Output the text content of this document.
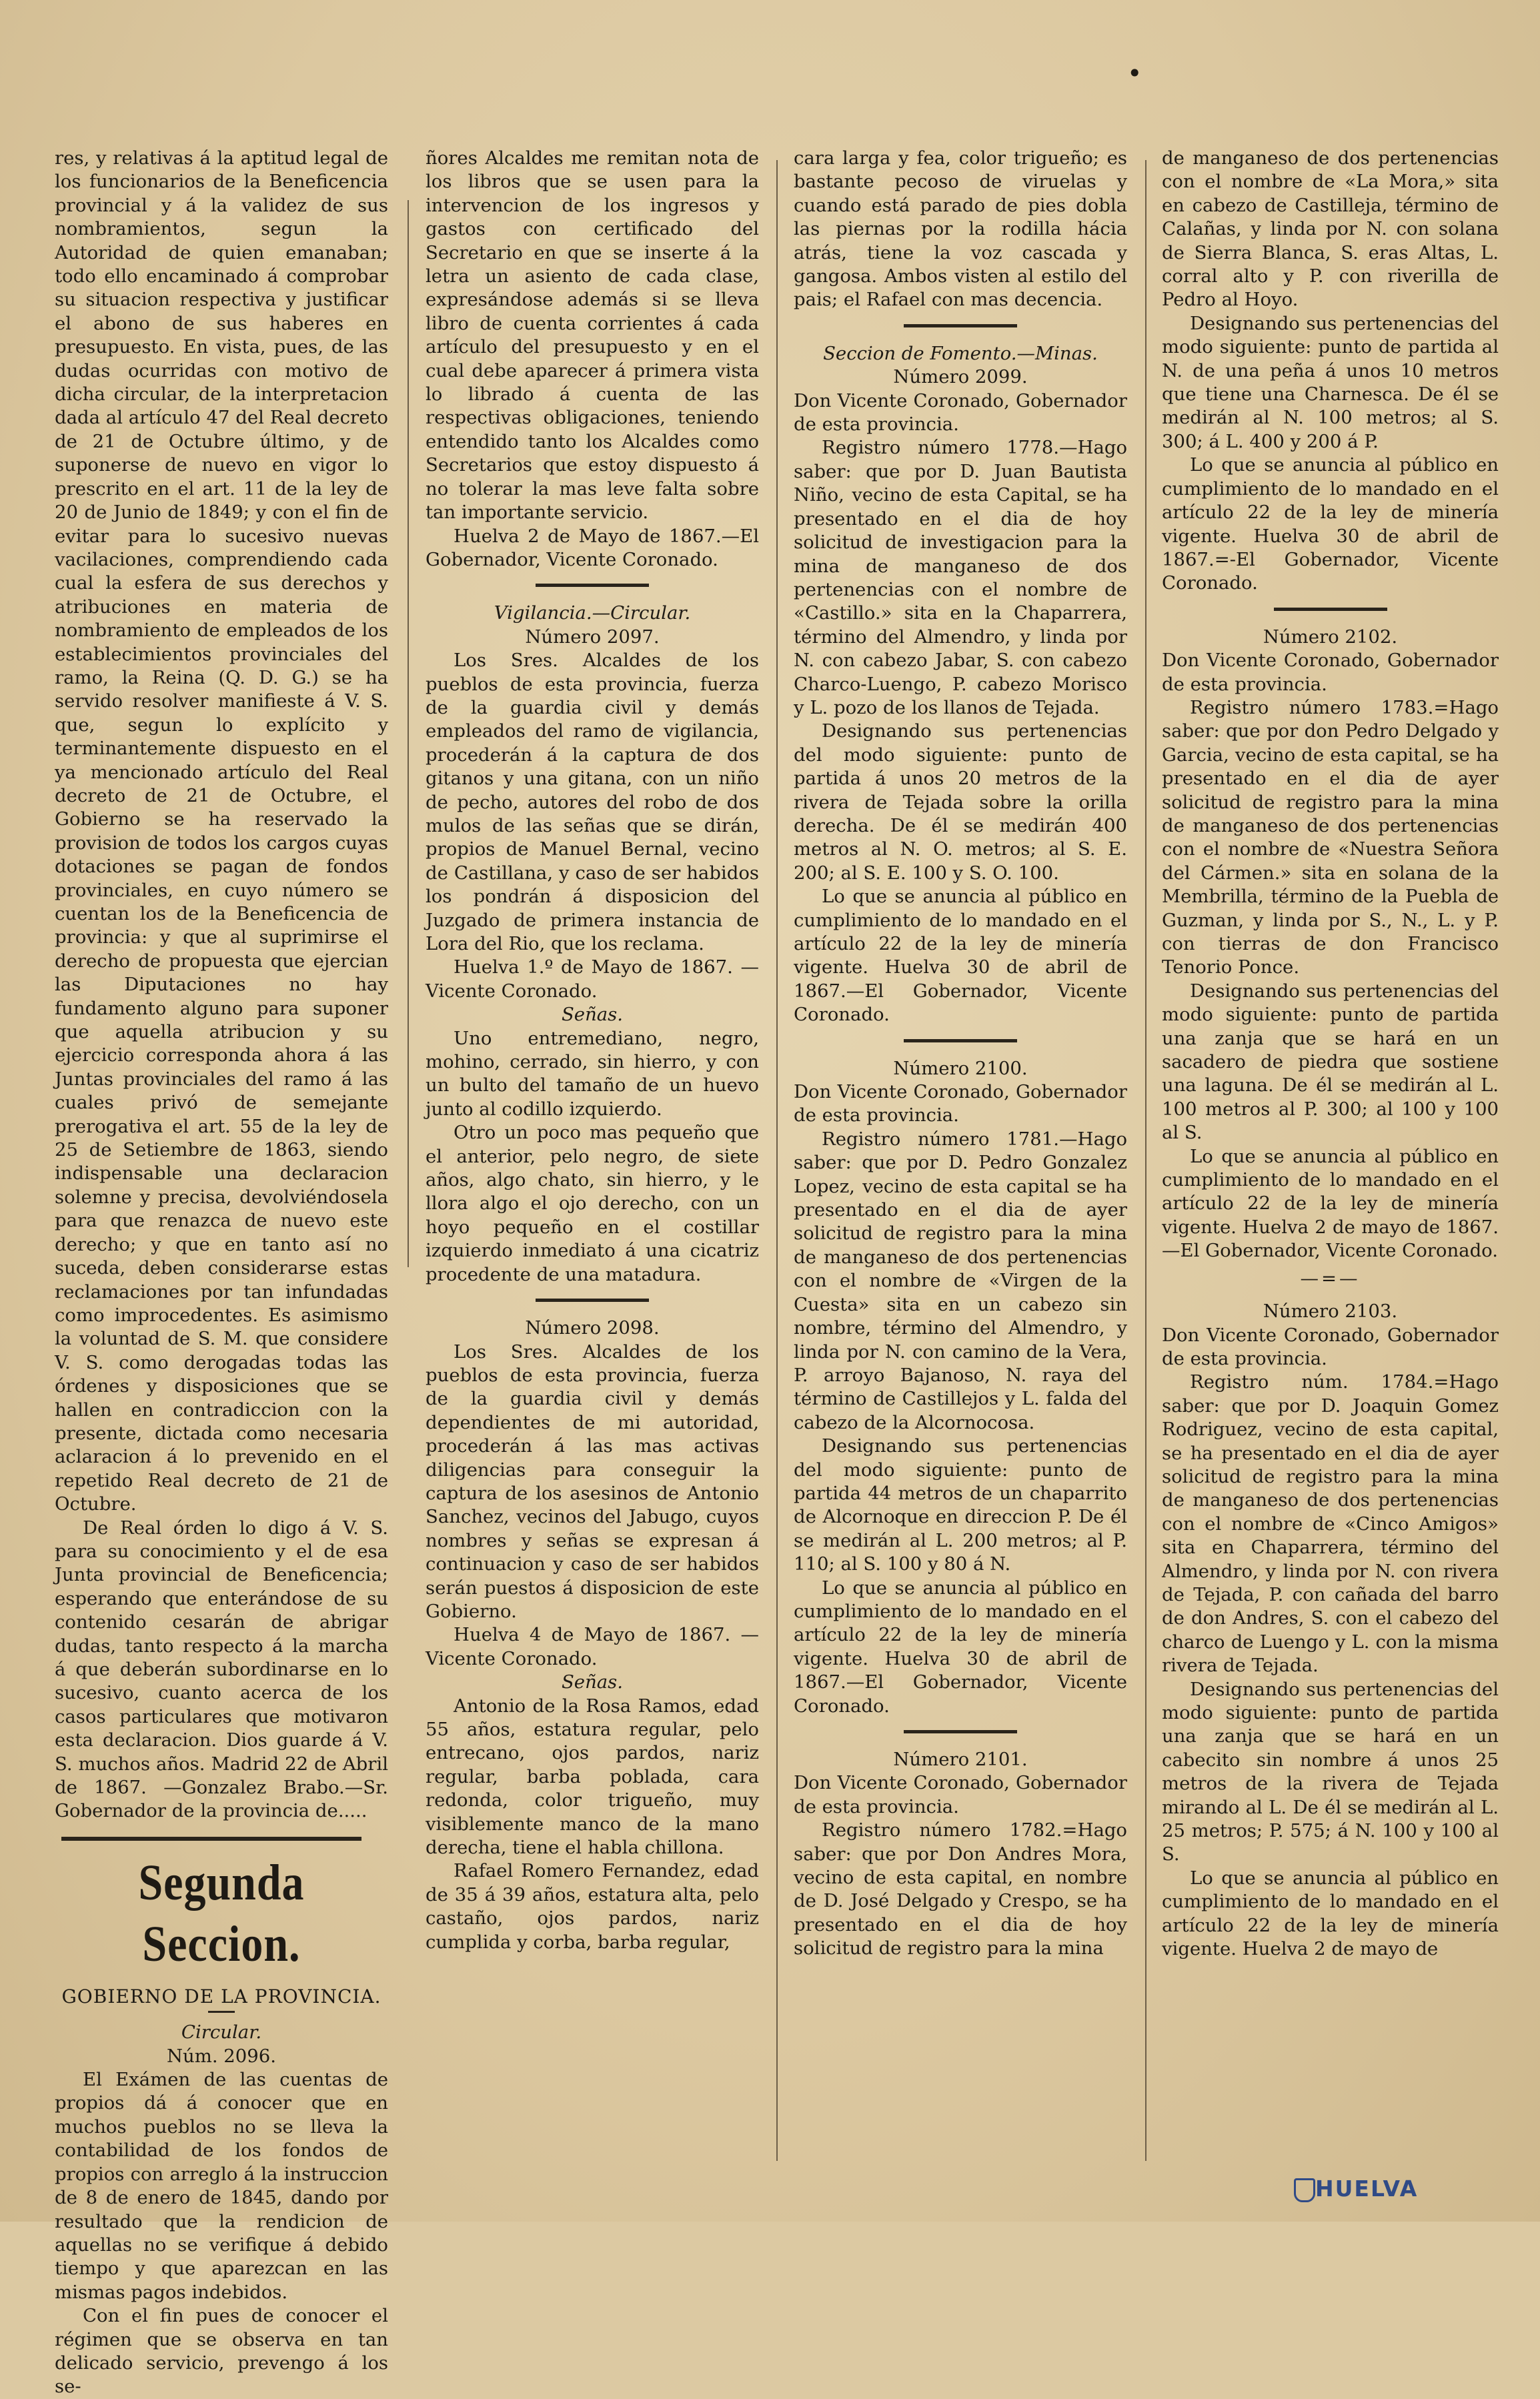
•

res, y relativas á la aptitud legal de los funcionarios de la Beneficencia provincial y á la validez de sus nombramientos, segun la Autoridad de quien emanaban; todo ello encaminado á comprobar su situacion respectiva y justificar el abono de sus haberes en presupuesto. En vista, pues, de las dudas ocurridas con motivo de dicha circular, de la interpretacion dada al artículo 47 del Real decreto de 21 de Octubre último, y de suponerse de nuevo en vigor lo prescrito en el art. 11 de la ley de 20 de Junio de 1849; y con el fin de evitar para lo sucesivo nuevas vacilaciones, comprendiendo cada cual la esfera de sus derechos y atribuciones en materia de nombramiento de empleados de los establecimientos provinciales del ramo, la Reina (Q. D. G.) se ha servido resolver manifieste á V. S. que, segun lo explícito y terminantemente dispuesto en el ya mencionado artículo del Real decreto de 21 de Octubre, el Gobierno se ha reservado la provision de todos los cargos cuyas dotaciones se pagan de fondos provinciales, en cuyo número se cuentan los de la Beneficencia de provincia: y que al suprimirse el derecho de propuesta que ejercian las Diputaciones no hay fundamento alguno para suponer que aquella atribucion y su ejercicio corresponda ahora á las Juntas provinciales del ramo á las cuales privó de semejante prerogativa el art. 55 de la ley de 25 de Setiembre de 1863, siendo indispensable una declaracion solemne y precisa, devolviéndosela para que renazca de nuevo este derecho; y que en tanto así no suceda, deben considerarse estas reclamaciones por tan infundadas como improcedentes. Es asimismo la voluntad de S. M. que considere V. S. como derogadas todas las órdenes y disposiciones que se hallen en contradiccion con la presente, dictada como necesaria aclaracion á lo prevenido en el repetido Real decreto de 21 de Octubre.

De Real órden lo digo á V. S. para su conocimiento y el de esa Junta provincial de Beneficencia; esperando que enterándose de su contenido cesarán de abrigar dudas, tanto respecto á la marcha á que deberán subordinarse en lo sucesivo, cuanto acerca de los casos particulares que motivaron esta declaracion. Dios guarde á V. S. muchos años. Madrid 22 de Abril de 1867. —Gonzalez Brabo.—Sr. Gobernador de la provincia de.....

Segunda Seccion.
GOBIERNO DE LA PROVINCIA.

Circular.

Núm. 2096.

El Exámen de las cuentas de propios dá á conocer que en muchos pueblos no se lleva la contabilidad de los fondos de propios con arreglo á la instruccion de 8 de enero de 1845, dando por resultado que la rendicion de aquellas no se verifique á debido tiempo y que aparezcan en las mismas pagos indebidos.

Con el fin pues de conocer el régimen que se observa en tan delicado servicio, prevengo á los se-

ñores Alcaldes me remitan nota de los libros que se usen para la intervencion de los ingresos y gastos con certificado del Secretario en que se inserte á la letra un asiento de cada clase, expresándose además si se lleva libro de cuenta corrientes á cada artículo del presupuesto y en el cual debe aparecer á primera vista lo librado á cuenta de las respectivas obligaciones, teniendo entendido tanto los Alcaldes como Secretarios que estoy dispuesto á no tolerar la mas leve falta sobre tan importante servicio.

Huelva 2 de Mayo de 1867.—El Gobernador, Vicente Coronado.

Vigilancia.—Circular.

Número 2097.

Los Sres. Alcaldes de los pueblos de esta provincia, fuerza de la guardia civil y demás empleados del ramo de vigilancia, procederán á la captura de dos gitanos y una gitana, con un niño de pecho, autores del robo de dos mulos de las señas que se dirán, propios de Manuel Bernal, vecino de Castillana, y caso de ser habidos los pondrán á disposicion del Juzgado de primera instancia de Lora del Rio, que los reclama.

Huelva 1.º de Mayo de 1867. —Vicente Coronado.

Señas.

Uno entremediano, negro, mohino, cerrado, sin hierro, y con un bulto del tamaño de un huevo junto al codillo izquierdo.

Otro un poco mas pequeño que el anterior, pelo negro, de siete años, algo chato, sin hierro, y le llora algo el ojo derecho, con un hoyo pequeño en el costillar izquierdo inmediato á una cicatriz procedente de una matadura.

Número 2098.

Los Sres. Alcaldes de los pueblos de esta provincia, fuerza de la guardia civil y demás dependientes de mi autoridad, procederán á las mas activas diligencias para conseguir la captura de los asesinos de Antonio Sanchez, vecinos del Jabugo, cuyos nombres y señas se expresan á continuacion y caso de ser habidos serán puestos á disposicion de este Gobierno.

Huelva 4 de Mayo de 1867. —Vicente Coronado.

Señas.

Antonio de la Rosa Ramos, edad 55 años, estatura regular, pelo entrecano, ojos pardos, nariz regular, barba poblada, cara redonda, color trigueño, muy visiblemente manco de la mano derecha, tiene el habla chillona.

Rafael Romero Fernandez, edad de 35 á 39 años, estatura alta, pelo castaño, ojos pardos, nariz cumplida y corba, barba regular,

cara larga y fea, color trigueño; es bastante pecoso de viruelas y cuando está parado de pies dobla las piernas por la rodilla hácia atrás, tiene la voz cascada y gangosa. Ambos visten al estilo del pais; el Rafael con mas decencia.

Seccion de Fomento.—Minas.

Número 2099.

Don Vicente Coronado, Gobernador de esta provincia.

Registro número 1778.—Hago saber: que por D. Juan Bautista Niño, vecino de esta Capital, se ha presentado en el dia de hoy solicitud de investigacion para la mina de manganeso de dos pertenencias con el nombre de «Castillo.» sita en la Chaparrera, término del Almendro, y linda por N. con cabezo Jabar, S. con cabezo Charco-Luengo, P. cabezo Morisco y L. pozo de los llanos de Tejada.

Designando sus pertenencias del modo siguiente: punto de partida á unos 20 metros de la rivera de Tejada sobre la orilla derecha. De él se medirán 400 metros al N. O. metros; al S. E. 200; al S. E. 100 y S. O. 100.

Lo que se anuncia al público en cumplimiento de lo mandado en el artículo 22 de la ley de minería vigente. Huelva 30 de abril de 1867.—El Gobernador, Vicente Coronado.

Número 2100.

Don Vicente Coronado, Gobernador de esta provincia.

Registro número 1781.—Hago saber: que por D. Pedro Gonzalez Lopez, vecino de esta capital se ha presentado en el dia de ayer solicitud de registro para la mina de manganeso de dos pertenencias con el nombre de «Virgen de la Cuesta» sita en un cabezo sin nombre, término del Almendro, y linda por N. con camino de la Vera, P. arroyo Bajanoso, N. raya del término de Castillejos y L. falda del cabezo de la Alcornocosa.

Designando sus pertenencias del modo siguiente: punto de partida 44 metros de un chaparrito de Alcornoque en direccion P. De él se medirán al L. 200 metros; al P. 110; al S. 100 y 80 á N.

Lo que se anuncia al público en cumplimiento de lo mandado en el artículo 22 de la ley de minería vigente. Huelva 30 de abril de 1867.—El Gobernador, Vicente Coronado.

Número 2101.

Don Vicente Coronado, Gobernador de esta provincia.

Registro número 1782.=Hago saber: que por Don Andres Mora, vecino de esta capital, en nombre de D. José Delgado y Crespo, se ha presentado en el dia de hoy solicitud de registro para la mina

de manganeso de dos pertenencias con el nombre de «La Mora,» sita en cabezo de Castilleja, término de Calañas, y linda por N. con solana de Sierra Blanca, S. eras Altas, L. corral alto y P. con riverilla de Pedro al Hoyo.

Designando sus pertenencias del modo siguiente: punto de partida al N. de una peña á unos 10 metros que tiene una Charnesca. De él se medirán al N. 100 metros; al S. 300; á L. 400 y 200 á P.

Lo que se anuncia al público en cumplimiento de lo mandado en el artículo 22 de la ley de minería vigente. Huelva 30 de abril de 1867.=-El Gobernador, Vicente Coronado.

Número 2102.

Don Vicente Coronado, Gobernador de esta provincia.

Registro número 1783.=Hago saber: que por don Pedro Delgado y Garcia, vecino de esta capital, se ha presentado en el dia de ayer solicitud de registro para la mina de manganeso de dos pertenencias con el nombre de «Nuestra Señora del Cármen.» sita en solana de la Membrilla, término de la Puebla de Guzman, y linda por S., N., L. y P. con tierras de don Francisco Tenorio Ponce.

Designando sus pertenencias del modo siguiente: punto de partida una zanja que se hará en un sacadero de piedra que sostiene una laguna. De él se medirán al L. 100 metros al P. 300; al 100 y 100 al S.

Lo que se anuncia al público en cumplimiento de lo mandado en el artículo 22 de la ley de minería vigente. Huelva 2 de mayo de 1867.—El Gobernador, Vicente Coronado.

—=—

Número 2103.

Don Vicente Coronado, Gobernador de esta provincia.

Registro núm. 1784.=Hago saber: que por D. Joaquin Gomez Rodriguez, vecino de esta capital, se ha presentado en el dia de ayer solicitud de registro para la mina de manganeso de dos pertenencias con el nombre de «Cinco Amigos» sita en Chaparrera, término del Almendro, y linda por N. con rivera de Tejada, P. con cañada del barro de don Andres, S. con el cabezo del charco de Luengo y L. con la misma rivera de Tejada.

Designando sus pertenencias del modo siguiente: punto de partida una zanja que se hará en un cabecito sin nombre á unos 25 metros de la rivera de Tejada mirando al L. De él se medirán al L. 25 metros; P. 575; á N. 100 y 100 al S.

Lo que se anuncia al público en cumplimiento de lo mandado en el artículo 22 de la ley de minería vigente. Huelva 2 de mayo de

HUELVA
